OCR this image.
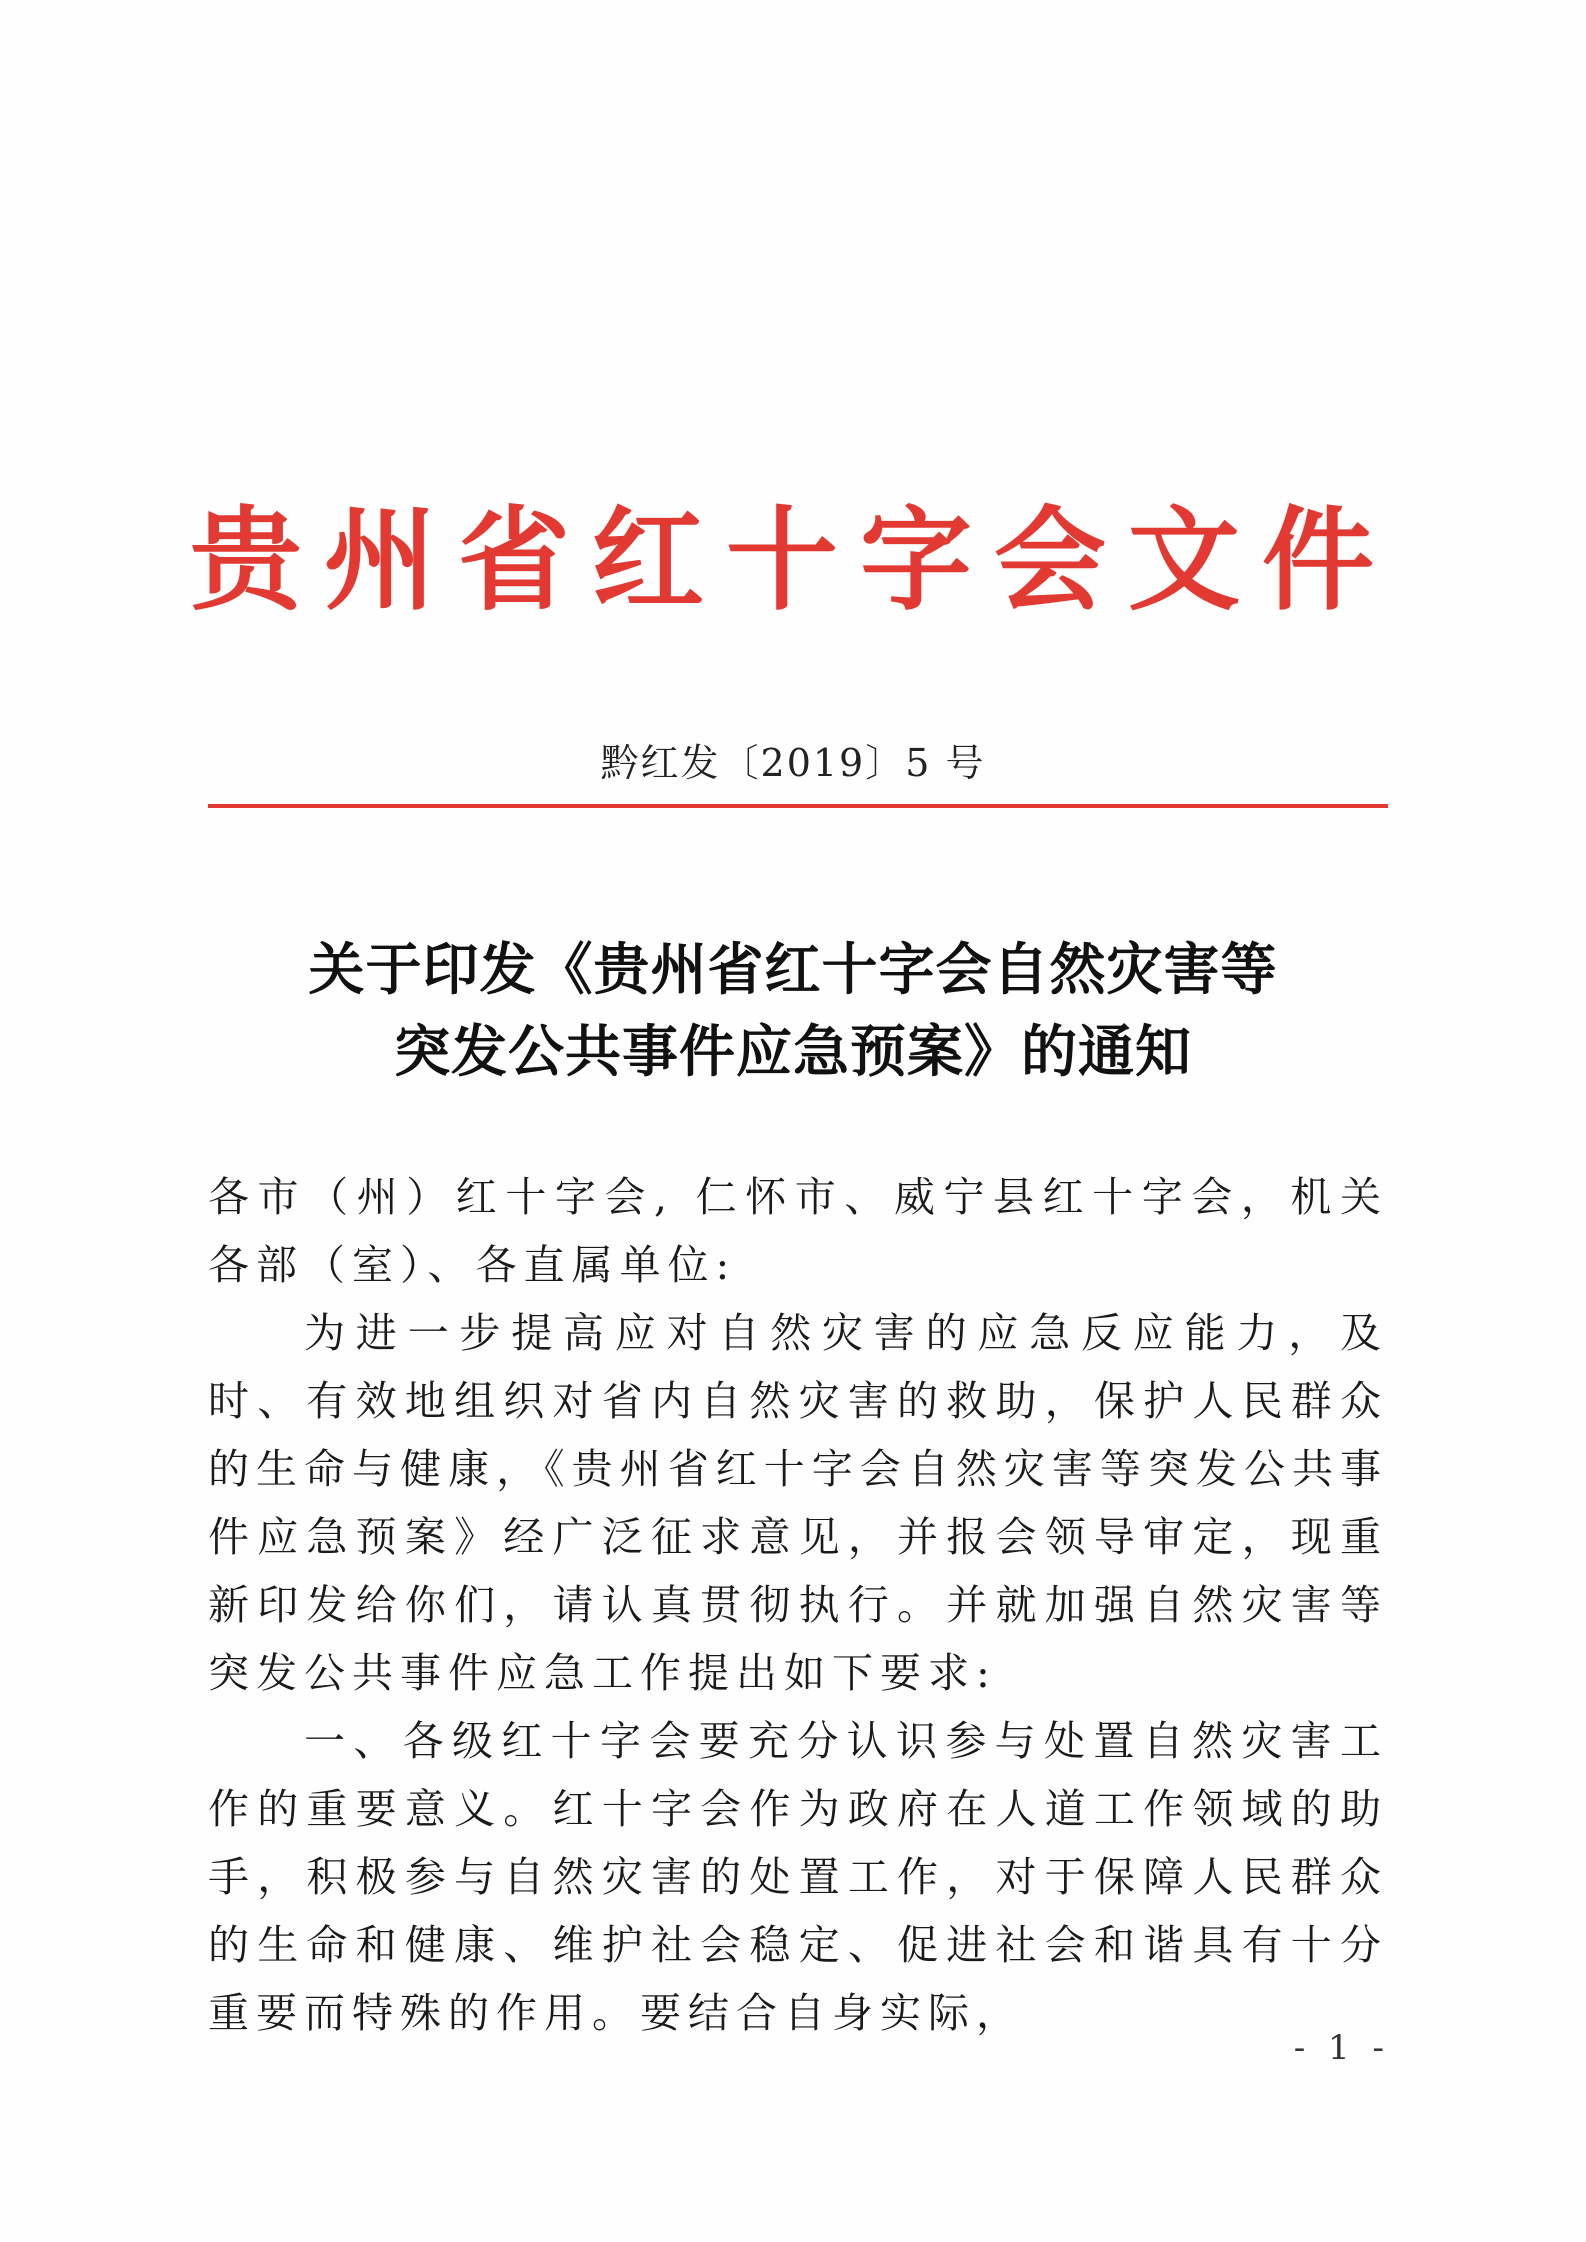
贵州省红十字会文件
黔红发〔2019〕5 号
关于印发《贵州省红十字会自然灾害等
突发公共事件应急预案》的通知

各市（州）红十字会, 仁怀市、威宁县红十字会，机关各部（室）、各直属单位:

为进一步提高应对自然灾害的应急反应能力，及时、有效地组织对省内自然灾害的救助，保护人民群众的生命与健康，《贵州省红十字会自然灾害等突发公共事件应急预案》经广泛征求意见，并报会领导审定，现重新印发给你们，请认真贯彻执行。并就加强自然灾害等突发公共事件应急工作提出如下要求:

一、各级红十字会要充分认识参与处置自然灾害工作的重要意义。红十字会作为政府在人道工作领域的助手，积极参与自然灾害的处置工作，对于保障人民群众的生命和健康、维护社会稳定、促进社会和谐具有十分重要而特殊的作用。要结合自身实际，

- 1 -
